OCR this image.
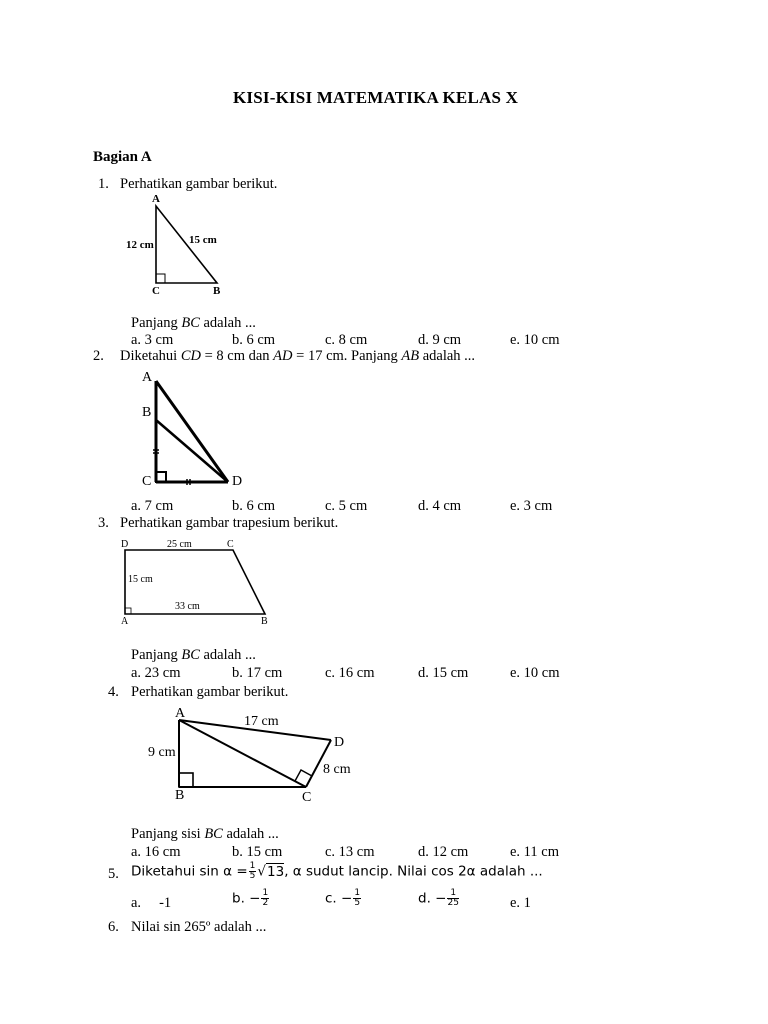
KISI-KISI MATEMATIKA KELAS X
Bagian A
1. Perhatikan gambar berikut.
A
12 cm	15 cm
C	B
Panjang BC adalah ...
a. 3 cm	b. 6 cm	c. 8 cm	d. 9 cm	e. 10 cm
2. Diketahui CD = 8 cm dan AD = 17 cm. Panjang AB adalah ...
A
B
C	D
a. 7 cm	b. 6 cm	c. 5 cm	d. 4 cm	e. 3 cm
3. Perhatikan gambar trapesium berikut.
D	25 cm	C
15 cm
33 cm
A	B
Panjang BC adalah ...
a. 23 cm	b. 17 cm	c. 16 cm	d. 15 cm	e. 10 cm
4. Perhatikan gambar berikut.
A
17 cm
D
9 cm
8 cm
B	C
Panjang sisi BC adalah ...
a. 16 cm	b. 15 cm	c. 13 cm	d. 12 cm	e. 11 cm
5. Diketahui $\sin \alpha = \frac{1}{5} √13$, α sudut lancip. Nilai cos 2α adalah ...
a. -1	b. − $\frac{1}{2}$	c. − $\frac{1}{5}$	d. − $\frac{1}{25}$	e. 1
6. Nilai sin 265º adalah ...
